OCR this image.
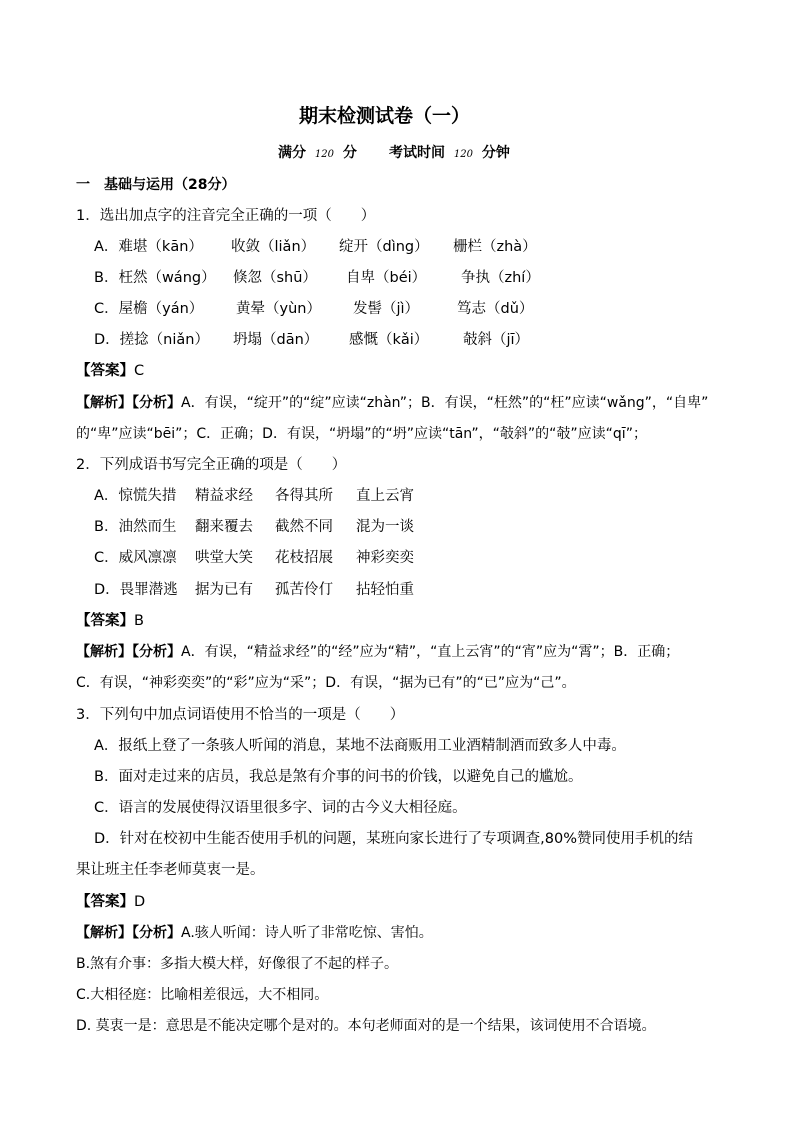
期末检测试卷（一）
满分 120 分 考试时间 120 分钟
一　基础与运用（28分）
1．选出加点字的注音完全正确的一项（　　）
A．难堪（kān） 收敛（liǎn） 绽开（dìng） 栅栏（zhà）
B．枉然（wáng） 倏忽（shū） 自卑（béi） 争执（zhí）
C．屋檐（yán） 黄晕（yùn） 发髻（jì）	笃志（dǔ）
D．搓捻（niǎn） 坍塌（dān） 感慨（kǎi） 攲斜（jī）
【答案】C
【解析】【分析】A．有误，“绽开”的“绽”应读“zhàn”；B．有误，“枉然”的“枉”应读“wǎng”，“自卑”
的“卑”应读“bēi”；C．正确；D．有误，“坍塌”的“坍”应读“tān”，“攲斜”的“攲”应读“qī”；
2．下列成语书写完全正确的项是（　　）
A．惊慌失措 精益求经 各得其所 直上云宵
B．油然而生 翻来覆去 截然不同 混为一谈
C．威风凛凛 哄堂大笑 花枝招展 神彩奕奕
D．畏罪潜逃 据为已有 孤苦伶仃 拈轻怕重
【答案】B
【解析】【分析】A．有误，“精益求经”的“经”应为“精”，“直上云宵”的“宵”应为“霄”；B．正确；
C．有误，“神彩奕奕”的“彩”应为“采”；D．有误，“据为已有”的“已”应为“己”。
3．下列句中加点词语使用不恰当的一项是（　　）
A．报纸上登了一条骇人听闻的消息，某地不法商贩用工业酒精制酒而致多人中毒。
B．面对走过来的店员，我总是煞有介事的问书的价钱，以避免自己的尴尬。
C．语言的发展使得汉语里很多字、词的古今义大相径庭。
D．针对在校初中生能否使用手机的问题，某班向家长进行了专项调查,80%赞同使用手机的结
果让班主任李老师莫衷一是。
【答案】D
【解析】【分析】A.骇人听闻：诗人听了非常吃惊、害怕。
B.煞有介事：多指大模大样，好像很了不起的样子。
C.大相径庭：比喻相差很远，大不相同。
D. 莫衷一是：意思是不能决定哪个是对的。本句老师面对的是一个结果，该词使用不合语境。
